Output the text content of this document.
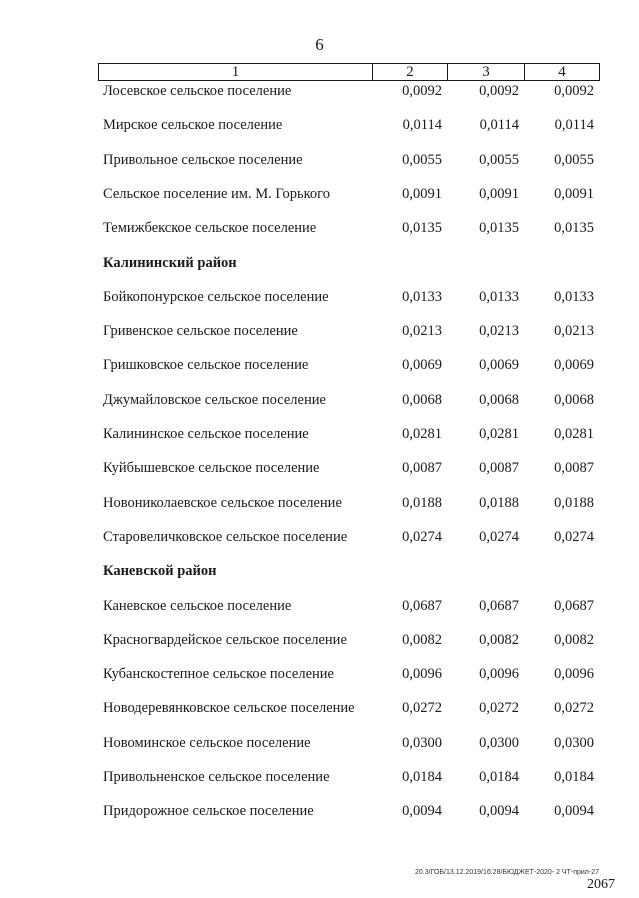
6
1	2	3	4
Лосевское сельское поселение	0,0092	0,0092	0,0092
Мирское сельское поселение	0,0114	0,0114	0,0114
Привольное сельское поселение	0,0055	0,0055	0,0055
Сельское поселение им. М. Горького	0,0091	0,0091	0,0091
Темижбекское сельское поселение	0,0135	0,0135	0,0135
Калининский район
Бойкопонурское сельское поселение	0,0133	0,0133	0,0133
Гривенское сельское поселение	0,0213	0,0213	0,0213
Гришковское сельское поселение	0,0069	0,0069	0,0069
Джумайловское сельское поселение	0,0068	0,0068	0,0068
Калининское сельское поселение	0,0281	0,0281	0,0281
Куйбышевское сельское поселение	0,0087	0,0087	0,0087
Новониколаевское сельское поселение	0,0188	0,0188	0,0188
Старовеличковское сельское поселение	0,0274	0,0274	0,0274
Каневской район
Каневское сельское поселение	0,0687	0,0687	0,0687
Красногвардейское сельское поселение	0,0082	0,0082	0,0082
Кубанскостепное сельское поселение	0,0096	0,0096	0,0096
Новодеревянковское сельское поселение	0,0272	0,0272	0,0272
Новоминское сельское поселение	0,0300	0,0300	0,0300
Привольненское сельское поселение	0,0184	0,0184	0,0184
Придорожное сельское поселение	0,0094	0,0094	0,0094
20.3/ГОБ/13.12.2019/16:28/БЮДЖЕТ-2020- 2 ЧТ-прил-27
2067
